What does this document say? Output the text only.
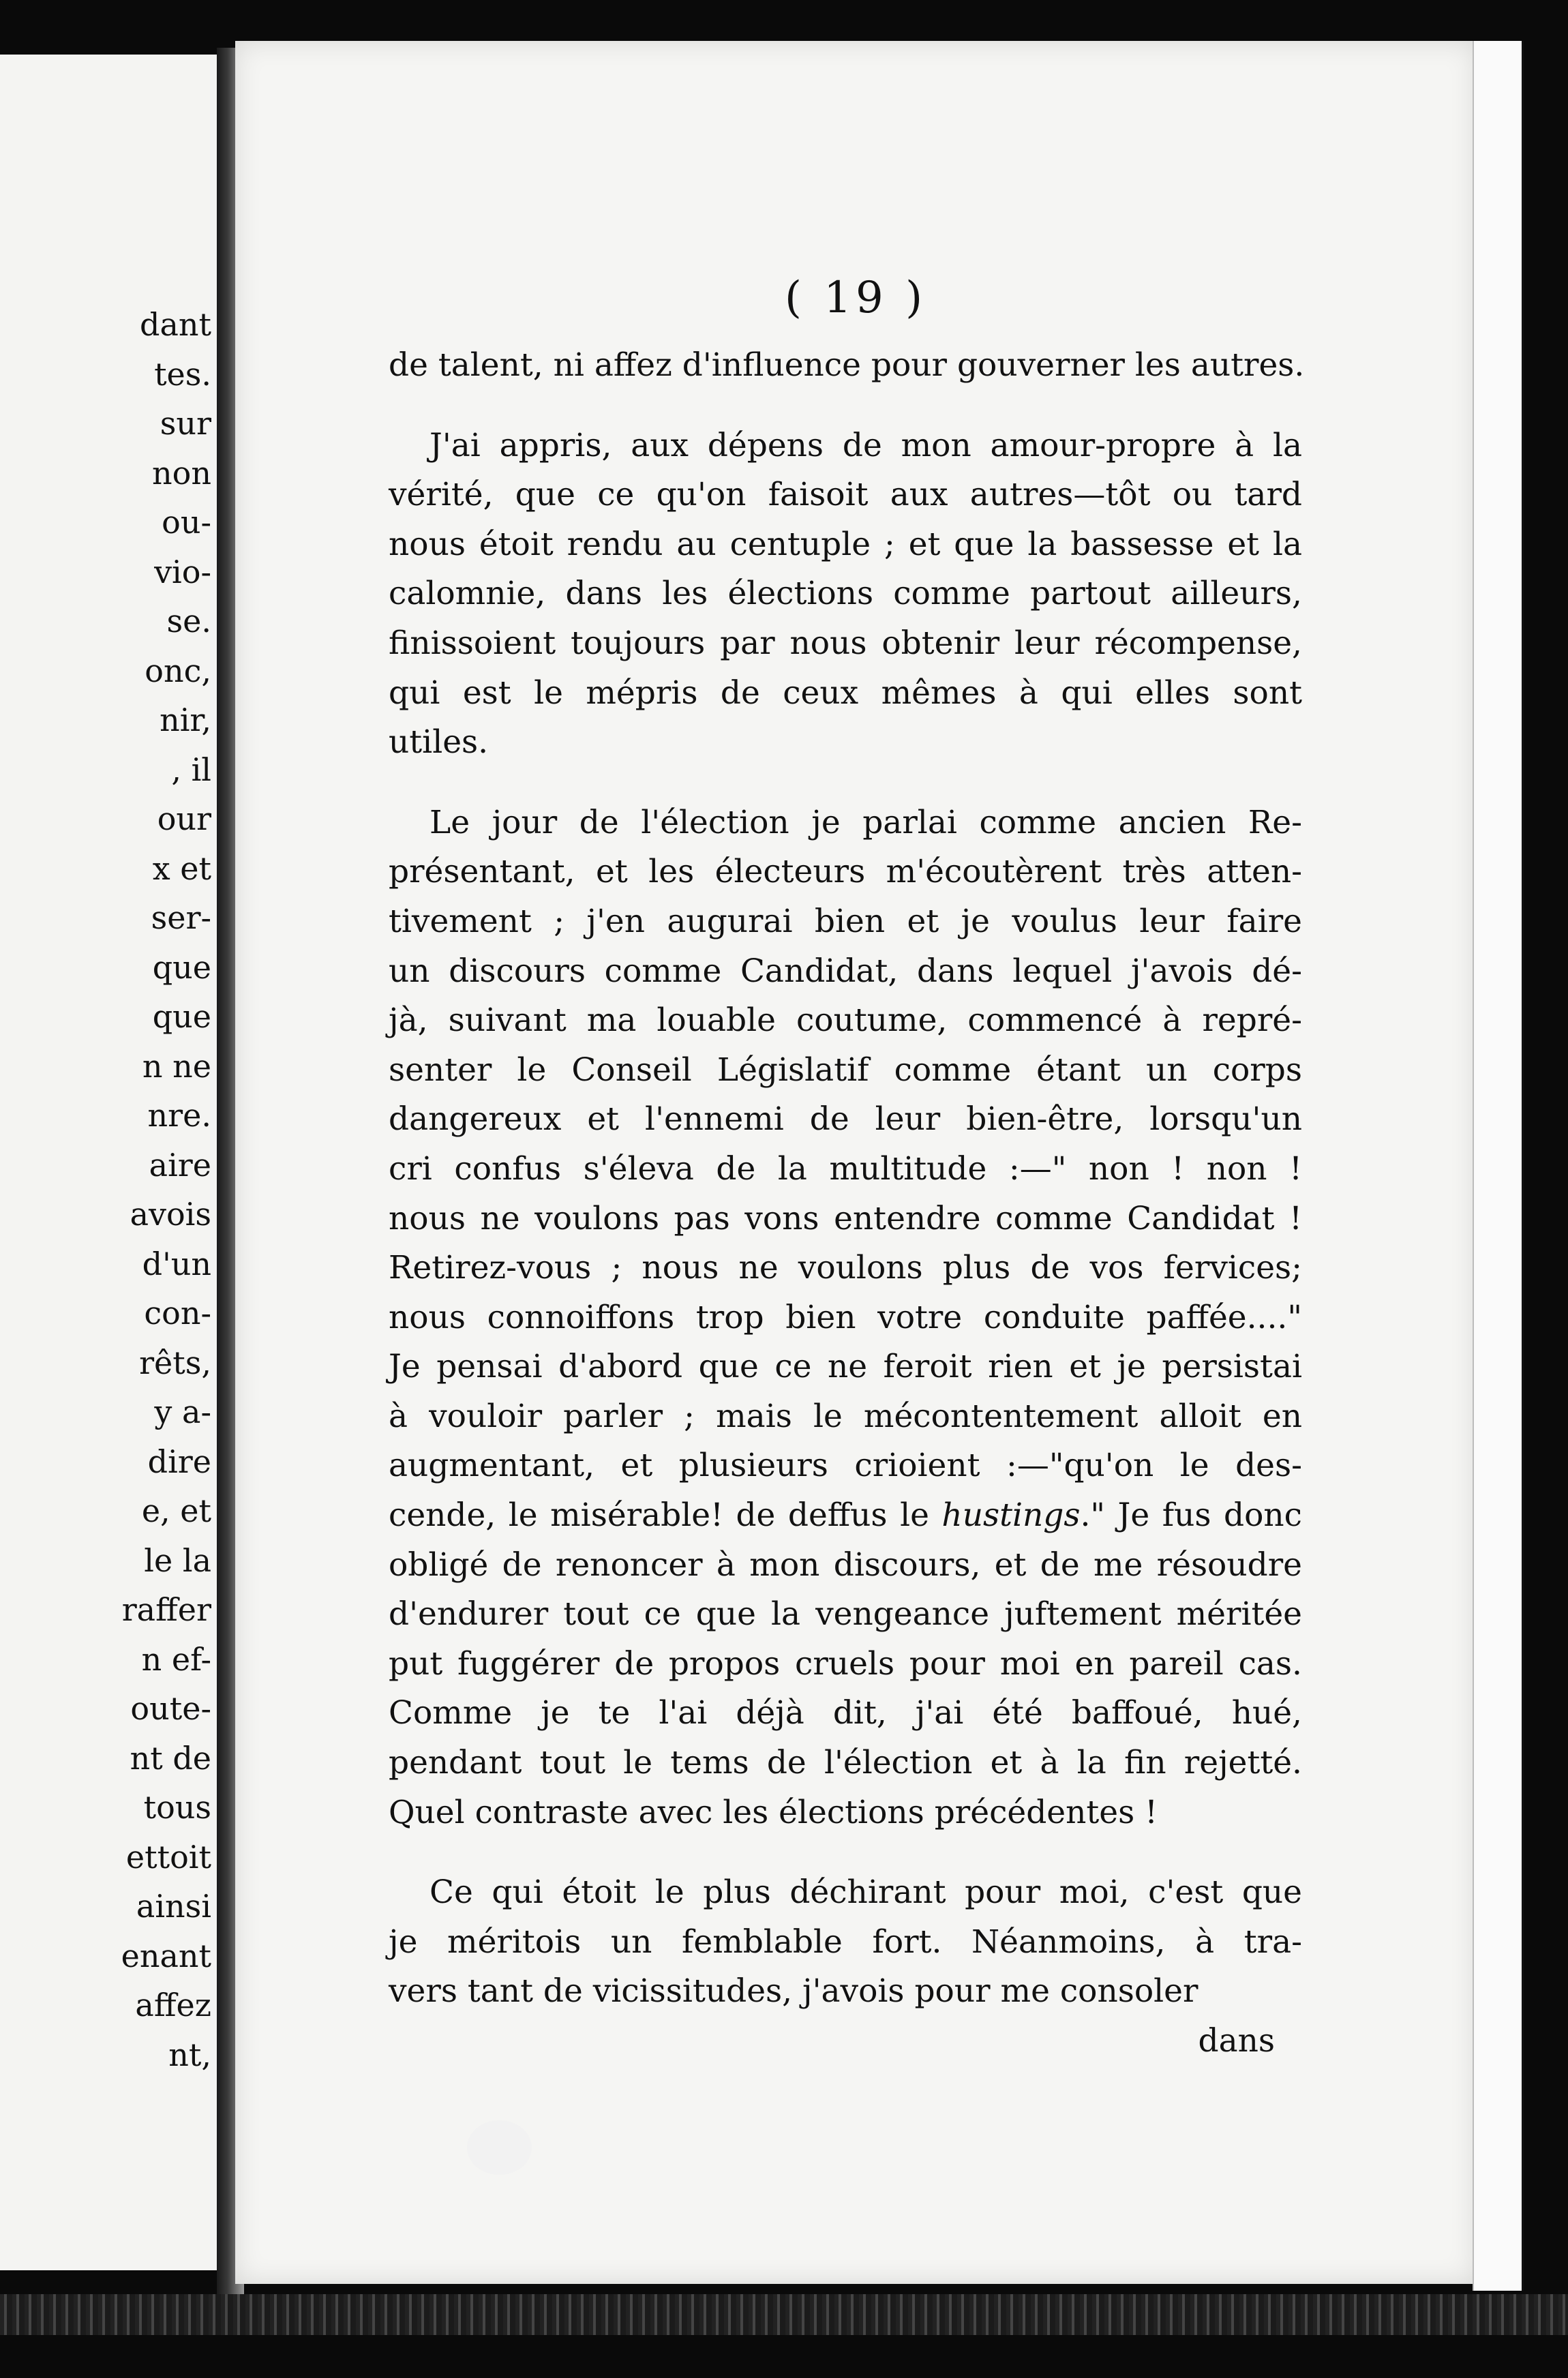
dant
tes.
sur
non
ou-
vio-
se.
onc,
nir,
, il
our
x et
ser-
que
que
n ne
nre.
aire
avois
d'un
con-
rêts,
y a-
dire
e, et
le la
raffer
n ef-
oute-
nt de
tous
ettoit
ainsi
enant
affez
nt,
( 19 )
de talent, ni affez d'influence pour gouverner les autres.
J'ai appris, aux dépens de mon amour-propre à la
vérité, que ce qu'on faisoit aux autres—tôt ou tard
nous étoit rendu au centuple ; et que la bassesse et la
calomnie, dans les élections comme partout ailleurs,
finissoient toujours par nous obtenir leur récompense,
qui est le mépris de ceux mêmes à qui elles sont
utiles.
Le jour de l'élection je parlai comme ancien Re-
présentant, et les électeurs m'écoutèrent très atten-
tivement ; j'en augurai bien et je voulus leur faire
un discours comme Candidat, dans lequel j'avois dé-
jà, suivant ma louable coutume, commencé à repré-
senter le Conseil Législatif comme étant un corps
dangereux et l'ennemi de leur bien-être, lorsqu'un
cri confus s'éleva de la multitude :—" non ! non !
nous ne voulons pas vons entendre comme Candidat !
Retirez-vous ; nous ne voulons plus de vos fervices;
nous connoiffons trop bien votre conduite paffée...."
Je pensai d'abord que ce ne feroit rien et je persistai
à vouloir parler ; mais le mécontentement alloit en
augmentant, et plusieurs crioient :—"qu'on le des-
cende, le misérable! de deffus le hustings." Je fus donc
obligé de renoncer à mon discours, et de me résoudre
d'endurer tout ce que la vengeance juftement méritée
put fuggérer de propos cruels pour moi en pareil cas.
Comme je te l'ai déjà dit, j'ai été baffoué, hué,
pendant tout le tems de l'élection et à la fin rejetté.
Quel contraste avec les élections précédentes !
Ce qui étoit le plus déchirant pour moi, c'est que
je méritois un femblable fort. Néanmoins, à tra-
vers tant de vicissitudes, j'avois pour me consoler
dans
